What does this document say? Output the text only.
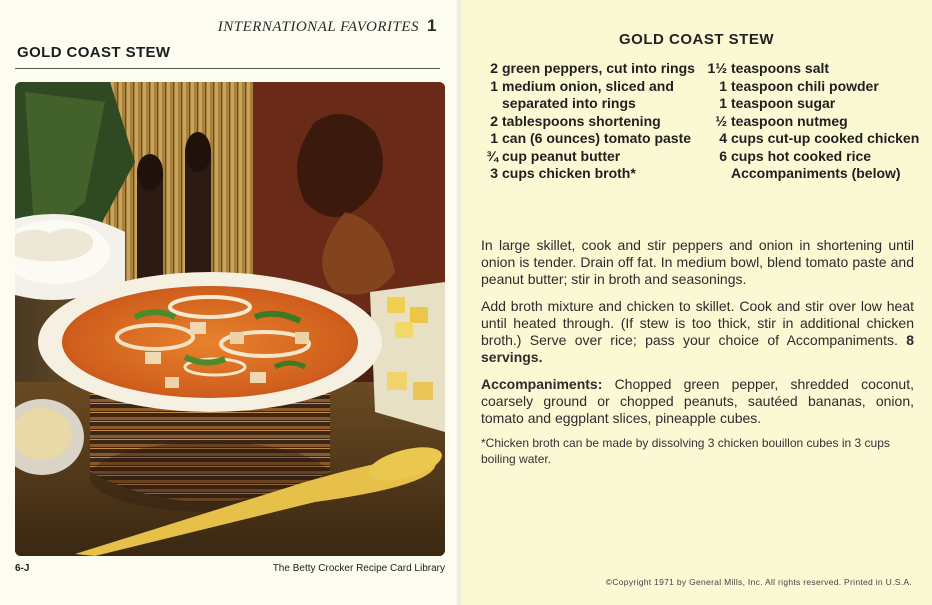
INTERNATIONAL FAVORITES 1
GOLD COAST STEW
6-J	The Betty Crocker Recipe Card Library
GOLD COAST STEW
2 green peppers, cut into rings
1 medium onion, sliced and separated into rings
2 tablespoons shortening
1 can (6 ounces) tomato paste
¾ cup peanut butter
3 cups chicken broth*
1½ teaspoons salt
1 teaspoon chili powder
1 teaspoon sugar
½ teaspoon nutmeg
4 cups cut-up cooked chicken
6 cups hot cooked rice
Accompaniments (below)

In large skillet, cook and stir peppers and onion in shortening until onion is tender. Drain off fat. In medium bowl, blend tomato paste and peanut butter; stir in broth and seasonings.

Add broth mixture and chicken to skillet. Cook and stir over low heat until heated through. (If stew is too thick, stir in additional chicken broth.) Serve over rice; pass your choice of Accompaniments. 8 servings.

Accompaniments: Chopped green pepper, shredded coconut, coarsely ground or chopped peanuts, sautéed bananas, onion, tomato and eggplant slices, pineapple cubes.

*Chicken broth can be made by dissolving 3 chicken bouillon cubes in 3 cups boiling water.

©Copyright 1971 by General Mills, Inc. All rights reserved. Printed in U.S.A.
